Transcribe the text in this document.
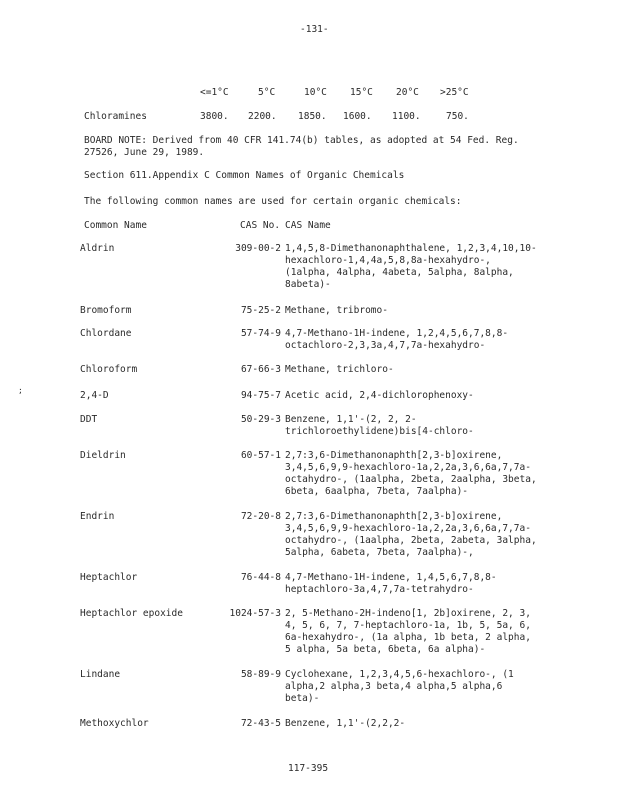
-131-
<=1°C	5°C	10°C 15°C 20°C >25°C
Chloramines	3800. 2200. 1850. 1600. 1100.	750.
BOARD NOTE: Derived from 40 CFR 141.74(b) tables, as adopted at 54 Fed. Reg.
27526, June 29, 1989.
Section 611.Appendix C Common Names of Organic Chemicals
The following common names are used for certain organic chemicals:
Common Name	CAS No. CAS Name
;
Aldrin	309-00-2 1,4,5,8-Dimethanonaphthalene, 1,2,3,4,10,10-
hexachloro-1,4,4a,5,8,8a-hexahydro-,
(1alpha, 4alpha, 4abeta, 5alpha, 8alpha,
8abeta)-
Bromoform	75-25-2 Methane, tribromo-
Chlordane	57-74-9 4,7-Methano-1H-indene, 1,2,4,5,6,7,8,8-
octachloro-2,3,3a,4,7,7a-hexahydro-
Chloroform	67-66-3 Methane, trichloro-
2,4-D	94-75-7 Acetic acid, 2,4-dichlorophenoxy-
DDT	50-29-3 Benzene, 1,1'-(2, 2, 2-
trichloroethylidene)bis[4-chloro-
Dieldrin	60-57-1 2,7:3,6-Dimethanonaphth[2,3-b]oxirene,
3,4,5,6,9,9-hexachloro-1a,2,2a,3,6,6a,7,7a-
octahydro-, (1aalpha, 2beta, 2aalpha, 3beta,
6beta, 6aalpha, 7beta, 7aalpha)-
Endrin	72-20-8 2,7:3,6-Dimethanonaphth[2,3-b]oxirene,
3,4,5,6,9,9-hexachloro-1a,2,2a,3,6,6a,7,7a-
octahydro-, (1aalpha, 2beta, 2abeta, 3alpha,
5alpha, 6abeta, 7beta, 7aalpha)-,
Heptachlor	76-44-8 4,7-Methano-1H-indene, 1,4,5,6,7,8,8-
heptachloro-3a,4,7,7a-tetrahydro-
Heptachlor epoxide	1024-57-3 2, 5-Methano-2H-indeno[1, 2b]oxirene, 2, 3,
4, 5, 6, 7, 7-heptachloro-1a, 1b, 5, 5a, 6,
6a-hexahydro-, (1a alpha, 1b beta, 2 alpha,
5 alpha, 5a beta, 6beta, 6a alpha)-
Lindane	58-89-9 Cyclohexane, 1,2,3,4,5,6-hexachloro-, (1
alpha,2 alpha,3 beta,4 alpha,5 alpha,6
beta)-
Methoxychlor	72-43-5 Benzene, 1,1'-(2,2,2-
117-395
